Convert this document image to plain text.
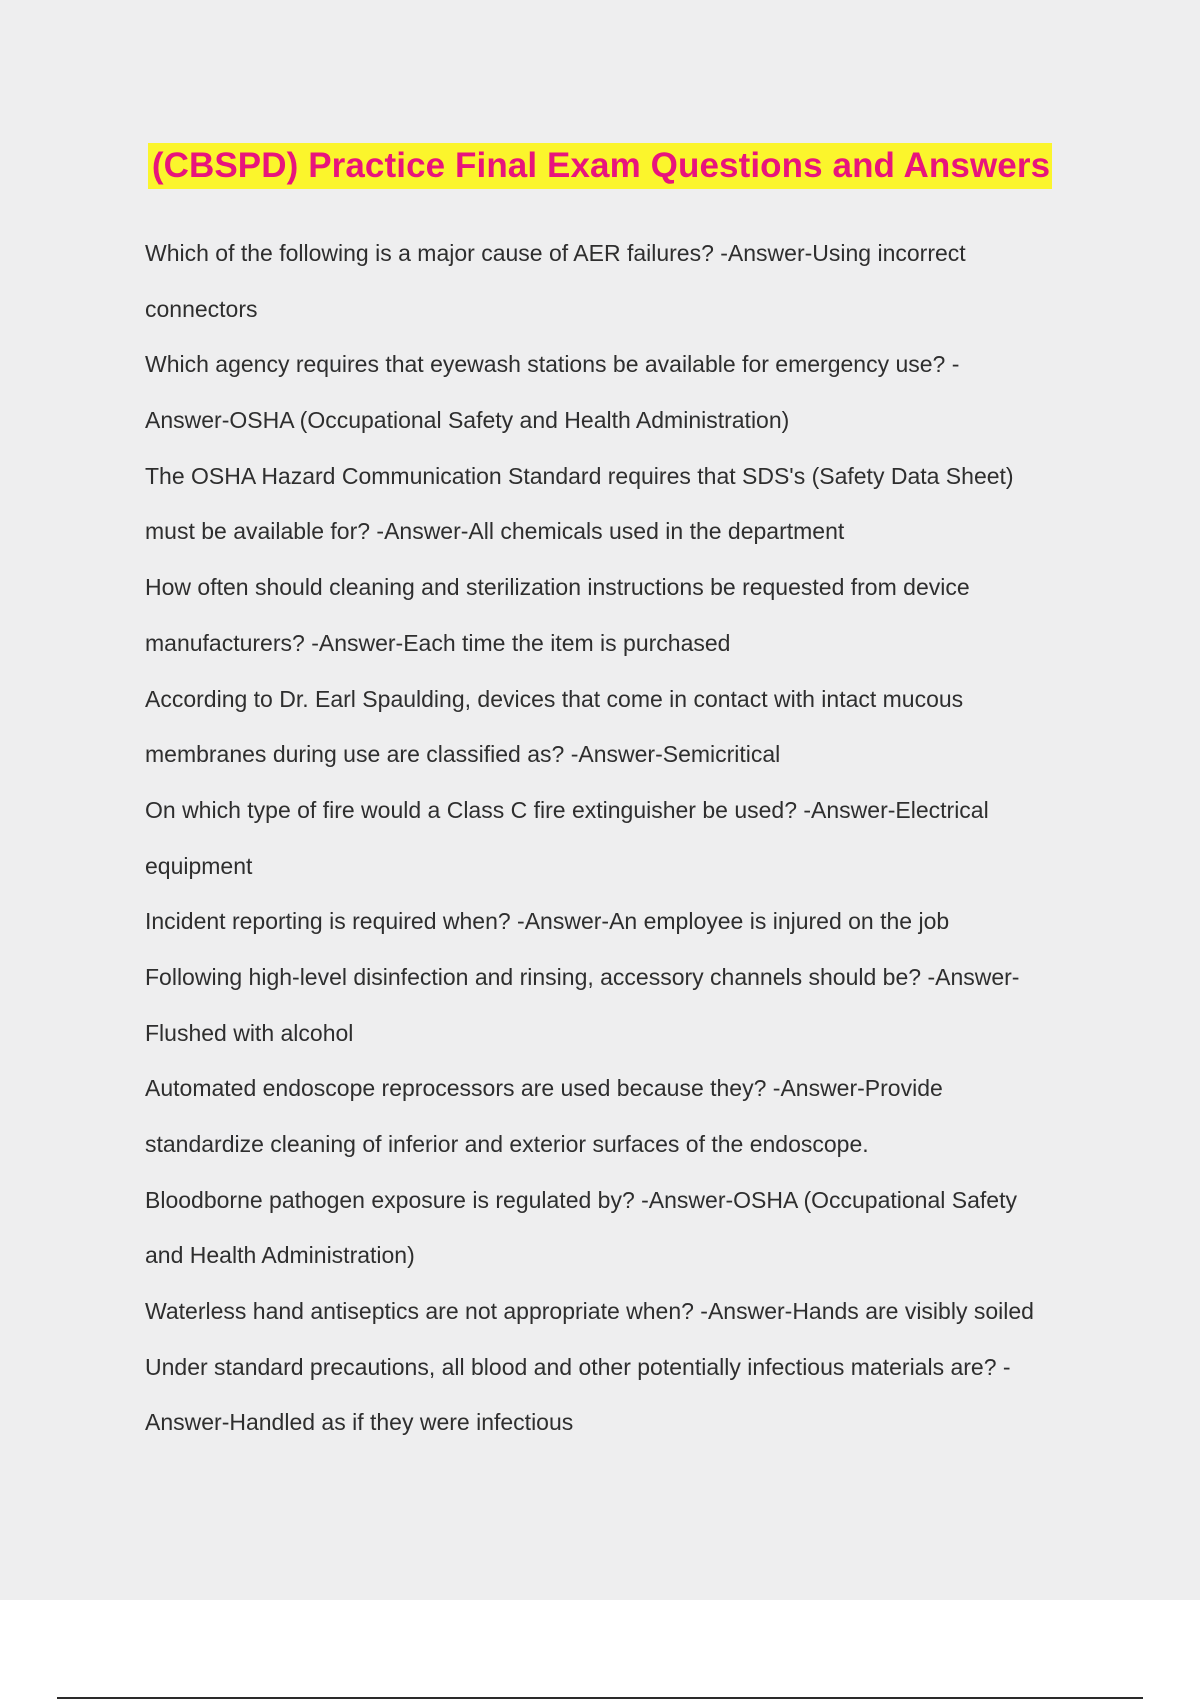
(CBSPD) Practice Final Exam Questions and Answers
Which of the following is a major cause of AER failures? -Answer-Using incorrect
connectors
Which agency requires that eyewash stations be available for emergency use? -
Answer-OSHA (Occupational Safety and Health Administration)
The OSHA Hazard Communication Standard requires that SDS's (Safety Data Sheet)
must be available for? -Answer-All chemicals used in the department
How often should cleaning and sterilization instructions be requested from device
manufacturers? -Answer-Each time the item is purchased
According to Dr. Earl Spaulding, devices that come in contact with intact mucous
membranes during use are classified as? -Answer-Semicritical
On which type of fire would a Class C fire extinguisher be used? -Answer-Electrical
equipment
Incident reporting is required when? -Answer-An employee is injured on the job
Following high-level disinfection and rinsing, accessory channels should be? -Answer-
Flushed with alcohol
Automated endoscope reprocessors are used because they? -Answer-Provide
standardize cleaning of inferior and exterior surfaces of the endoscope.
Bloodborne pathogen exposure is regulated by? -Answer-OSHA (Occupational Safety
and Health Administration)
Waterless hand antiseptics are not appropriate when? -Answer-Hands are visibly soiled
Under standard precautions, all blood and other potentially infectious materials are? -
Answer-Handled as if they were infectious
